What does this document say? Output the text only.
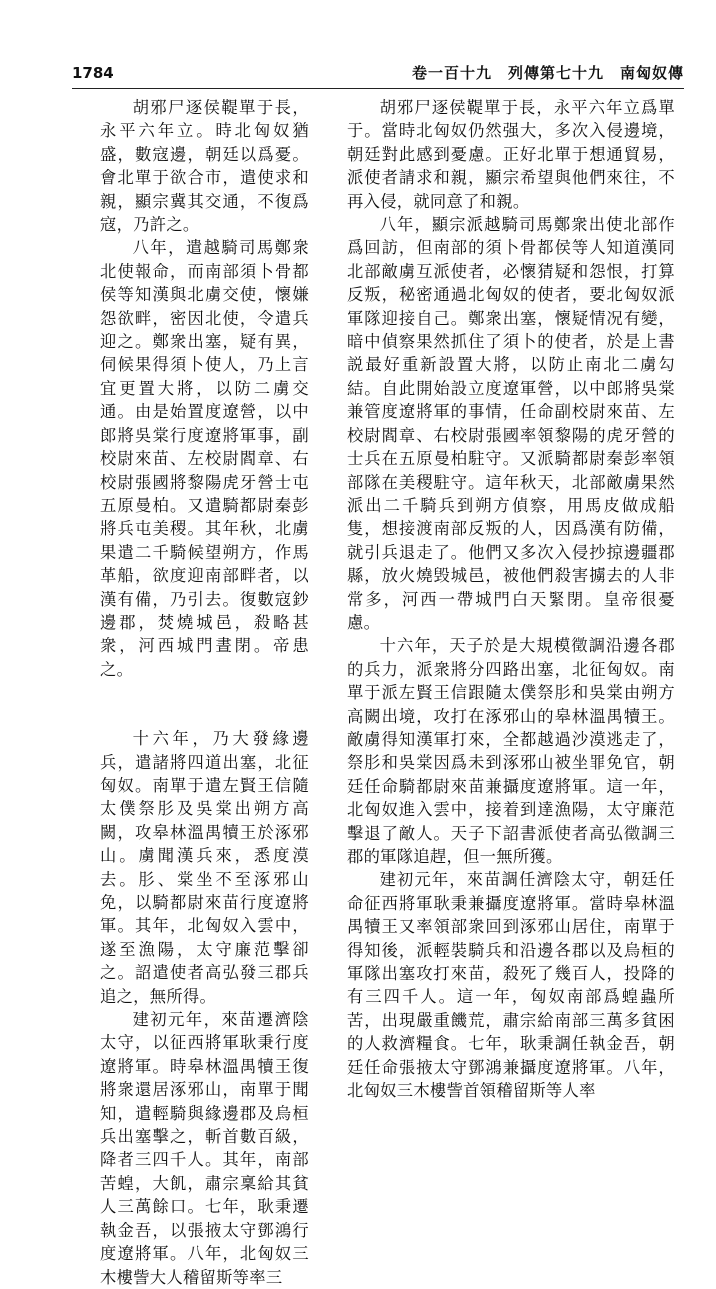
1784	卷一百十九　列傳第七十九　南匈奴傳

胡邪尸逐侯鞮單于長，永平六年立。時北匈奴猶盛，數寇邊，朝廷以爲憂。會北單于欲合市，遣使求和親，顯宗冀其交通，不復爲寇，乃許之。

八年，遣越騎司馬鄭衆北使報命，而南部須卜骨都侯等知漢與北虜交使，懷嫌怨欲畔，密因北使，令遣兵迎之。鄭衆出塞，疑有異，伺候果得須卜使人，乃上言宜更置大將，以防二虜交通。由是始置度遼營，以中郎將吳棠行度遼將軍事，副校尉來苗、左校尉閻章、右校尉張國將黎陽虎牙營士屯五原曼柏。又遣騎都尉秦彭將兵屯美稷。其年秋，北虜果遣二千騎候望朔方，作馬革船，欲度迎南部畔者，以漢有備，乃引去。復數寇鈔邊郡，焚燒城邑，殺略甚衆，河西城門晝閉。帝患之。

十六年，乃大發緣邊兵，遣諸將四道出塞，北征匈奴。南單于遣左賢王信隨太僕祭肜及吳棠出朔方高闕，攻皋林溫禺犢王於涿邪山。虜聞漢兵來，悉度漠去。肜、棠坐不至涿邪山免，以騎都尉來苗行度遼將軍。其年，北匈奴入雲中，遂至漁陽，太守廉范擊卻之。詔遣使者高弘發三郡兵追之，無所得。

建初元年，來苗遷濟陰太守，以征西將軍耿秉行度遼將軍。時皋林溫禺犢王復將衆還居涿邪山，南單于聞知，遣輕騎與緣邊郡及烏桓兵出塞擊之，斬首數百級，降者三四千人。其年，南部苦蝗，大飢，肅宗稟給其貧人三萬餘口。七年，耿秉遷執金吾，以張掖太守鄧鴻行度遼將軍。八年，北匈奴三木樓訾大人稽留斯等率三

胡邪尸逐侯鞮單于長，永平六年立爲單于。當時北匈奴仍然强大，多次入侵邊境，朝廷對此感到憂慮。正好北單于想通貿易，派使者請求和親，顯宗希望與他們來往，不再入侵，就同意了和親。

八年，顯宗派越騎司馬鄭衆出使北部作爲回訪，但南部的須卜骨都侯等人知道漢同北部敵虜互派使者，必懷猜疑和怨恨，打算反叛，秘密通過北匈奴的使者，要北匈奴派軍隊迎接自己。鄭衆出塞，懷疑情况有變，暗中偵察果然抓住了須卜的使者，於是上書説最好重新設置大將，以防止南北二虜勾結。自此開始設立度遼軍營，以中郎將吳棠兼管度遼將軍的事情，任命副校尉來苗、左校尉閻章、右校尉張國率領黎陽的虎牙營的士兵在五原曼柏駐守。又派騎都尉秦彭率領部隊在美稷駐守。這年秋天，北部敵虜果然派出二千騎兵到朔方偵察，用馬皮做成船隻，想接渡南部反叛的人，因爲漢有防備，就引兵退走了。他們又多次入侵抄掠邊疆郡縣，放火燒毁城邑，被他們殺害擄去的人非常多，河西一帶城門白天緊閉。皇帝很憂慮。

十六年，天子於是大規模徵調沿邊各郡的兵力，派衆將分四路出塞，北征匈奴。南單于派左賢王信跟隨太僕祭肜和吳棠由朔方高闕出境，攻打在涿邪山的皋林溫禺犢王。敵虜得知漢軍打來，全都越過沙漠逃走了，祭肜和吳棠因爲未到涿邪山被坐罪免官，朝廷任命騎都尉來苗兼攝度遼將軍。這一年，北匈奴進入雲中，接着到達漁陽，太守廉范擊退了敵人。天子下詔書派使者高弘徵調三郡的軍隊追趕，但一無所獲。

建初元年，來苗調任濟陰太守，朝廷任命征西將軍耿秉兼攝度遼將軍。當時皋林溫禺犢王又率領部衆回到涿邪山居住，南單于得知後，派輕裝騎兵和沿邊各郡以及烏桓的軍隊出塞攻打來苗，殺死了幾百人，投降的有三四千人。這一年，匈奴南部爲蝗蟲所苦，出現嚴重饑荒，肅宗給南部三萬多貧困的人救濟糧食。七年，耿秉調任執金吾，朝廷任命張掖太守鄧鴻兼攝度遼將軍。八年，北匈奴三木樓訾首領稽留斯等人率
